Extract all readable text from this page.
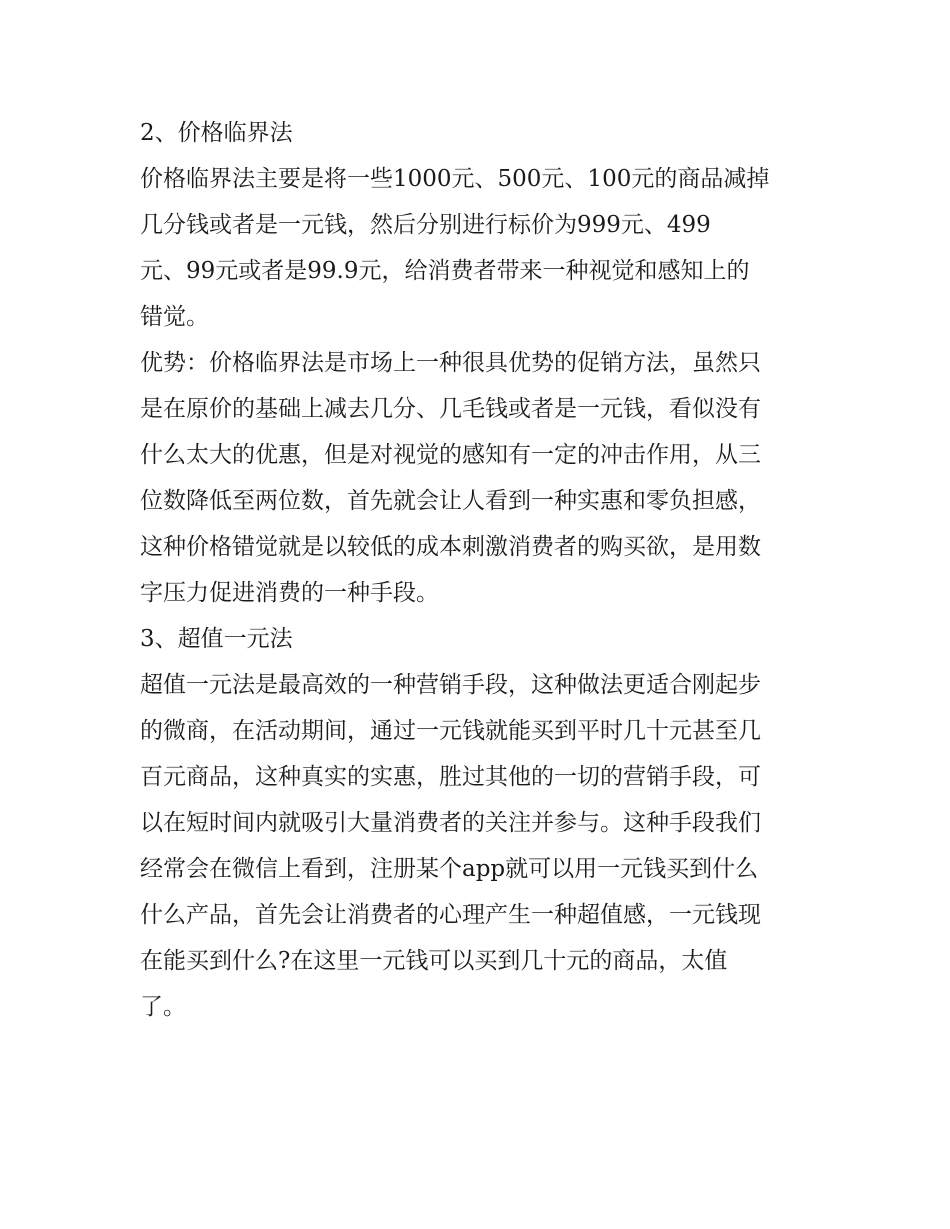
2、价格临界法
价格临界法主要是将一些1000元、500元、100元的商品减掉
几分钱或者是一元钱，然后分别进行标价为999元、499
元、99元或者是99.9元，给消费者带来一种视觉和感知上的
错觉。
优势：价格临界法是市场上一种很具优势的促销方法，虽然只
是在原价的基础上减去几分、几毛钱或者是一元钱，看似没有
什么太大的优惠，但是对视觉的感知有一定的冲击作用，从三
位数降低至两位数，首先就会让人看到一种实惠和零负担感，
这种价格错觉就是以较低的成本刺激消费者的购买欲，是用数
字压力促进消费的一种手段。
3、超值一元法
超值一元法是最高效的一种营销手段，这种做法更适合刚起步
的微商，在活动期间，通过一元钱就能买到平时几十元甚至几
百元商品，这种真实的实惠，胜过其他的一切的营销手段，可
以在短时间内就吸引大量消费者的关注并参与。这种手段我们
经常会在微信上看到，注册某个app就可以用一元钱买到什么
什么产品，首先会让消费者的心理产生一种超值感，一元钱现
在能买到什么?在这里一元钱可以买到几十元的商品，太值
了。
